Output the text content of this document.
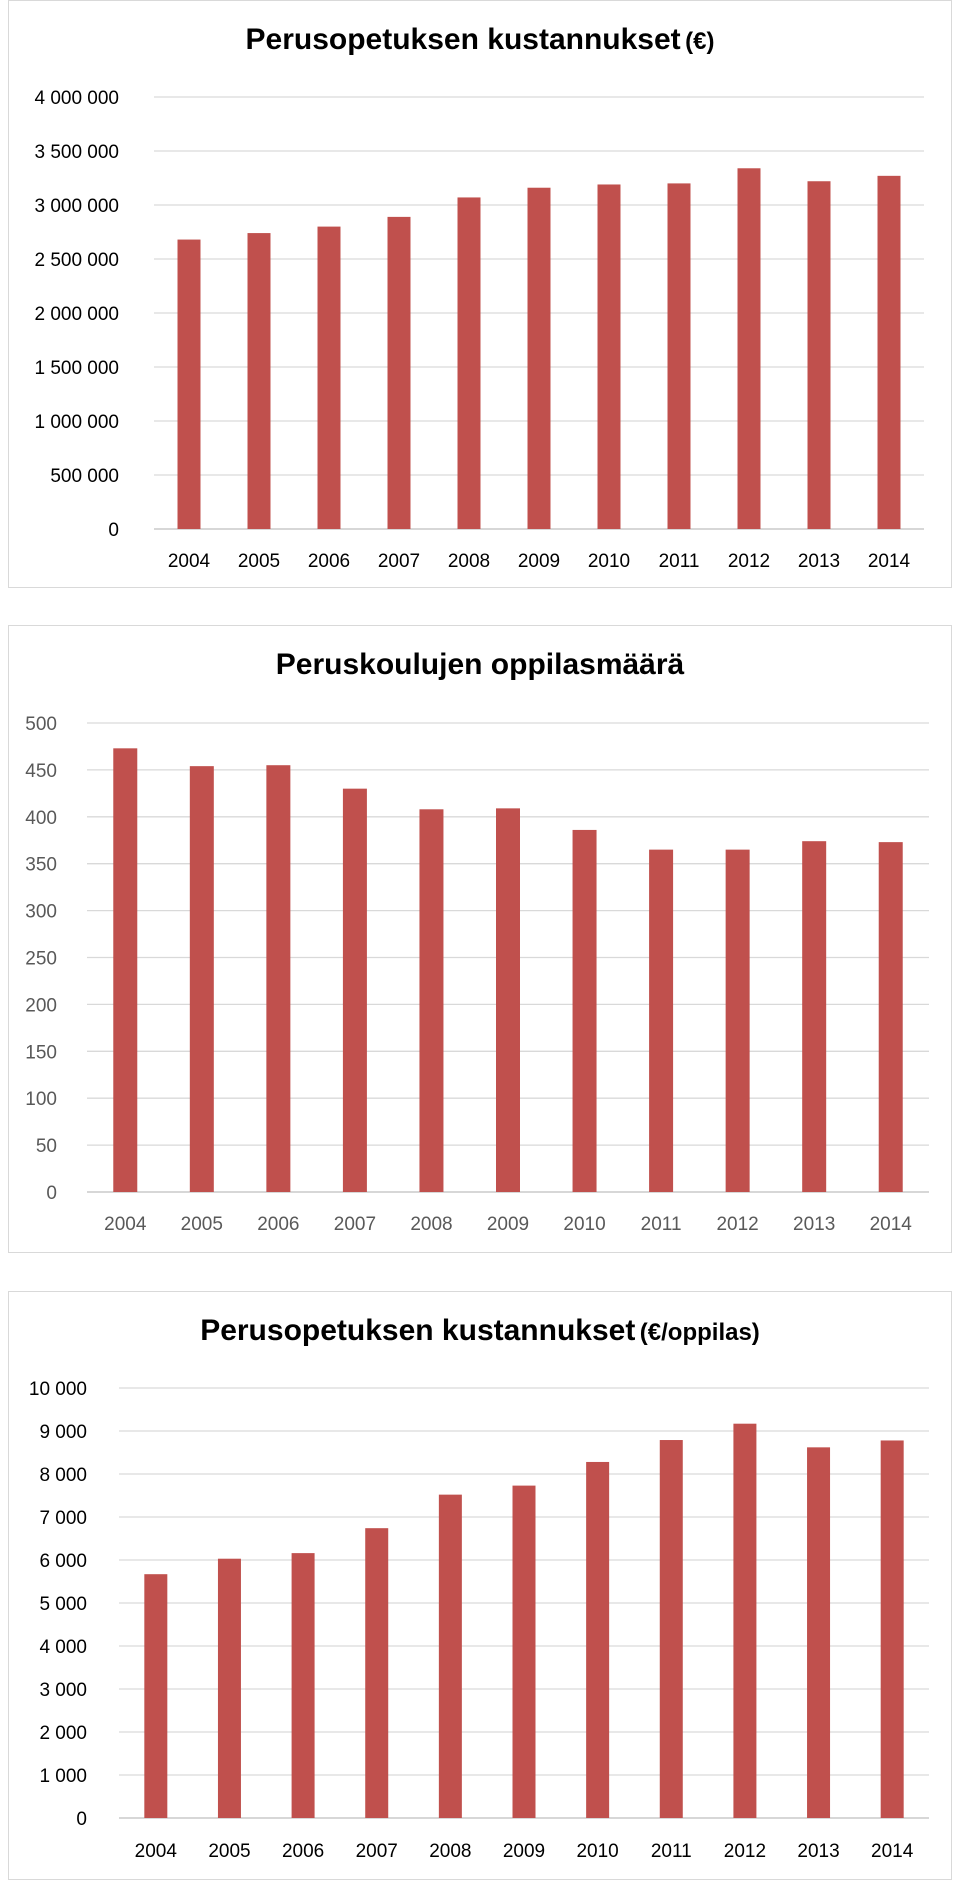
Perusopetuksen kustannukset (€)
0
500 000
1 000 000
1 500 000
2 000 000
2 500 000
3 000 000
3 500 000
4 000 000
2004 2005 2006 2007 2008 2009 2010 2011 2012 2013 2014
Peruskoulujen oppilasmäärä
0
50
100
150
200
250
300
350
400
450
500
2004 2005 2006 2007 2008 2009 2010 2011 2012 2013 2014
Perusopetuksen kustannukset (€/oppilas)
0
1 000
2 000
3 000
4 000
5 000
6 000
7 000
8 000
9 000
10 000
2004 2005 2006 2007 2008 2009 2010 2011 2012 2013 2014
